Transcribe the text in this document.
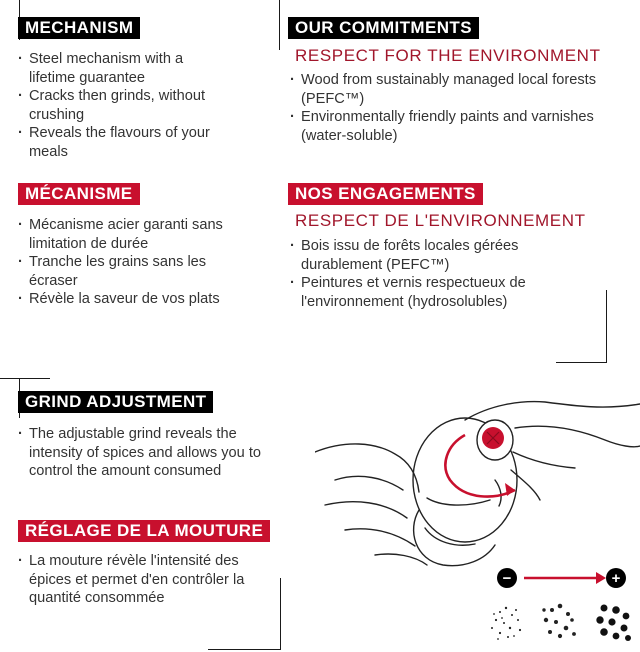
MECHANISM
· Steel mechanism with a lifetime guarantee
· Cracks then grinds, without crushing
· Reveals the flavours of your meals
MÉCANISME
· Mécanisme acier garanti sans limitation de durée
· Tranche les grains sans les écraser
· Révèle la saveur de vos plats
OUR COMMITMENTS
RESPECT FOR THE ENVIRONMENT
· Wood from sustainably managed local forests (PEFC™)
· Environmentally friendly paints and varnishes (water-soluble)
NOS ENGAGEMENTS
RESPECT DE L'ENVIRONNEMENT
· Bois issu de forêts locales gérées durablement (PEFC™)
· Peintures et vernis respectueux de l'environnement (hydrosolubles)
GRIND ADJUSTMENT
· The adjustable grind reveals the intensity of spices and allows you to control the amount consumed
RÉGLAGE DE LA MOUTURE
· La mouture révèle l'intensité des épices et permet d'en contrôler la quantité consommée
−	+
